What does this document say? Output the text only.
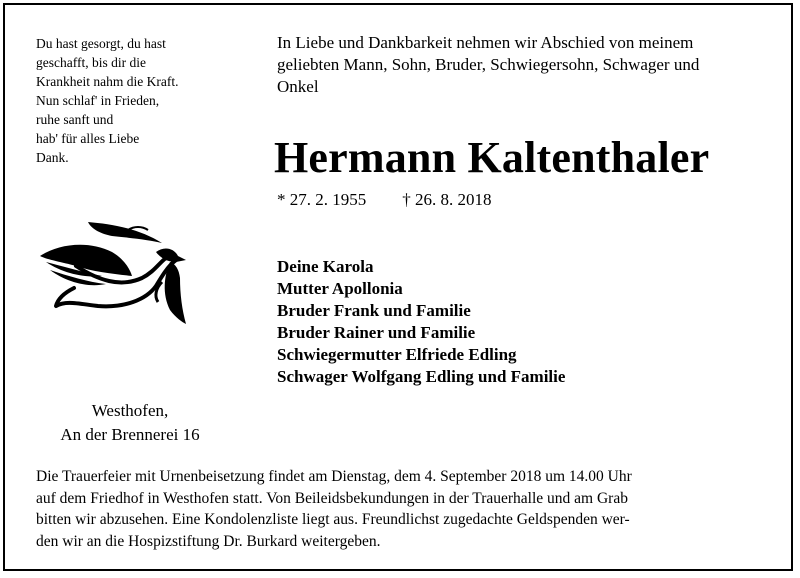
Du hast gesorgt, du hast
geschafft, bis dir die
Krankheit nahm die Kraft.
Nun schlaf' in Frieden,
ruhe sanft und
hab' für alles Liebe
Dank.
In Liebe und Dankbarkeit nehmen wir Abschied von meinem
geliebten Mann, Sohn, Bruder, Schwiegersohn, Schwager und
Onkel
Hermann Kaltenthaler
* 27. 2. 1955 † 26. 8. 2018
Deine Karola
Mutter Apollonia
Bruder Frank und Familie
Bruder Rainer und Familie
Schwiegermutter Elfriede Edling
Schwager Wolfgang Edling und Familie
Westhofen,
An der Brennerei 16
Die Trauerfeier mit Urnenbeisetzung findet am Dienstag, dem 4. September 2018 um 14.00 Uhr
auf dem Friedhof in Westhofen statt. Von Beileidsbekundungen in der Trauerhalle und am Grab
bitten wir abzusehen. Eine Kondolenzliste liegt aus. Freundlichst zugedachte Geldspenden wer-
den wir an die Hospizstiftung Dr. Burkard weitergeben.
